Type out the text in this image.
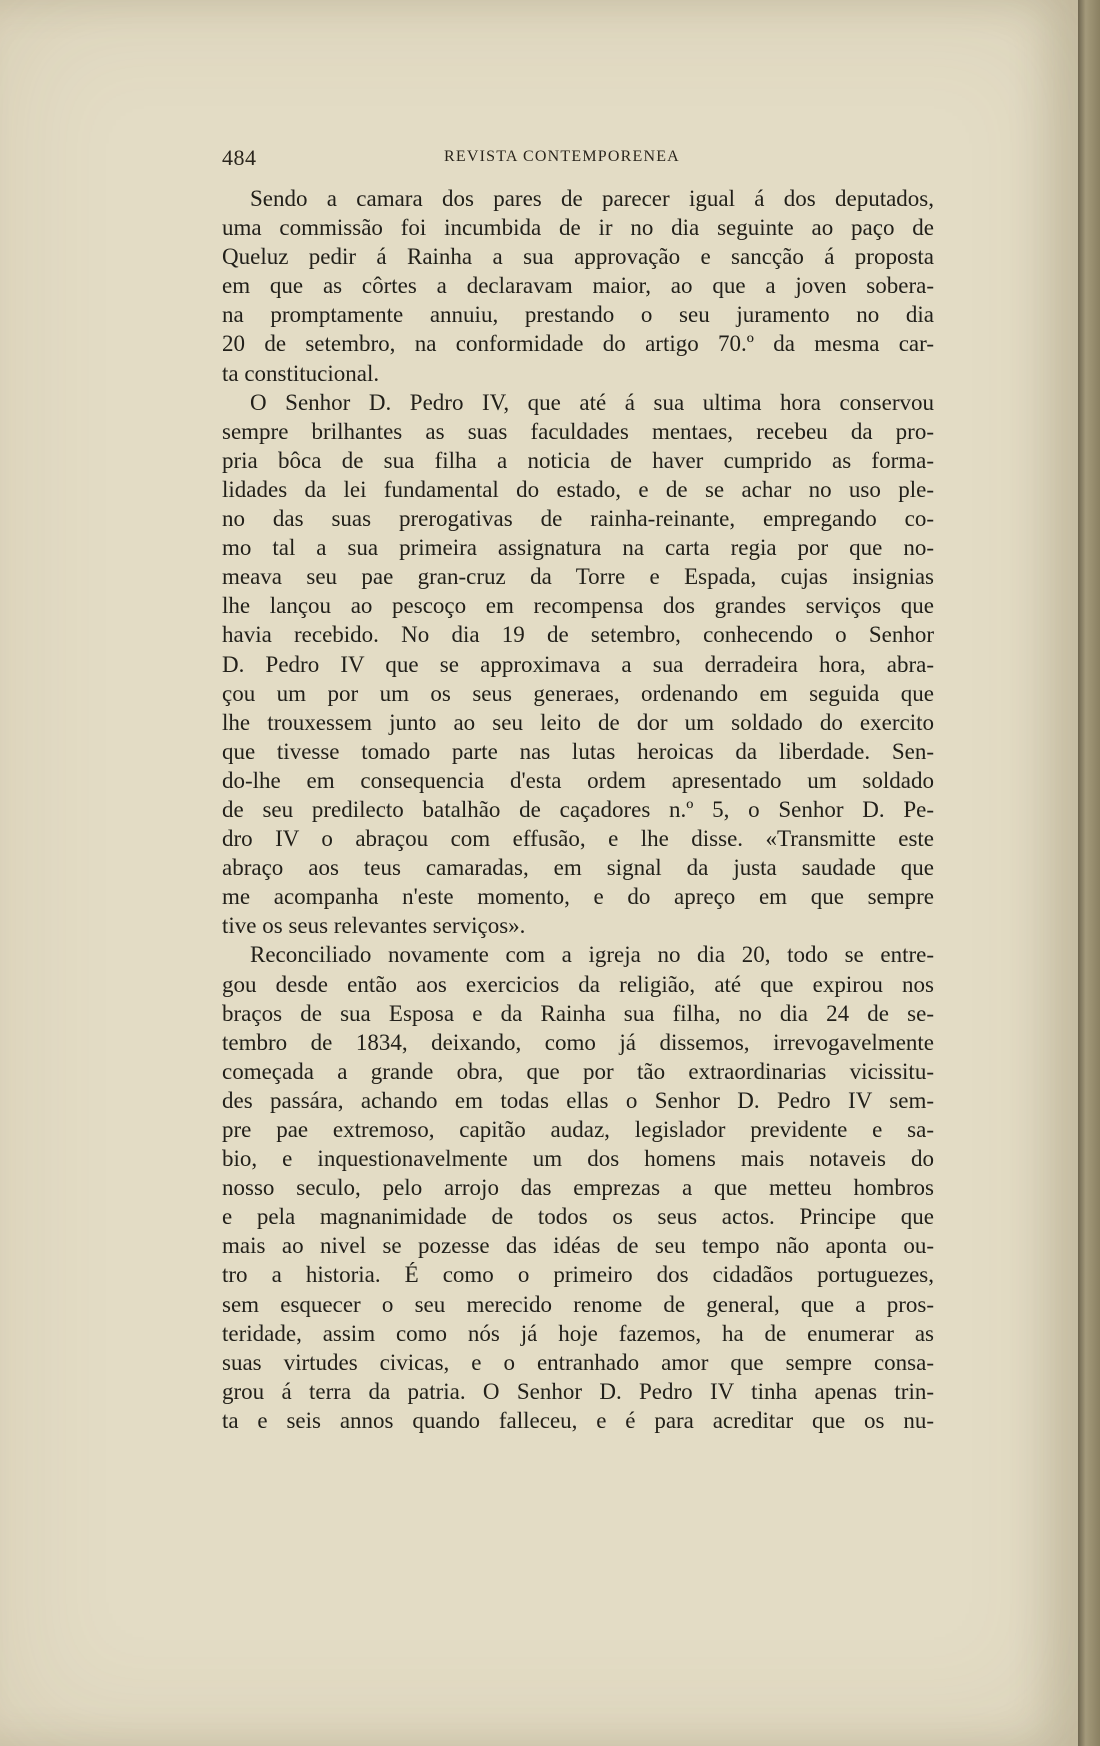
484	REVISTA CONTEMPORENEA
Sendo a camara dos pares de parecer igual á dos deputados,
uma commissão foi incumbida de ir no dia seguinte ao paço de
Queluz pedir á Rainha a sua approvação e sancção á proposta
em que as côrtes a declaravam maior, ao que a joven sobera-
na promptamente annuiu, prestando o seu juramento no dia
20 de setembro, na conformidade do artigo 70.º da mesma car-
ta constitucional.
O Senhor D. Pedro IV, que até á sua ultima hora conservou
sempre brilhantes as suas faculdades mentaes, recebeu da pro-
pria bôca de sua filha a noticia de haver cumprido as forma-
lidades da lei fundamental do estado, e de se achar no uso ple-
no das suas prerogativas de rainha-reinante, empregando co-
mo tal a sua primeira assignatura na carta regia por que no-
meava seu pae gran-cruz da Torre e Espada, cujas insignias
lhe lançou ao pescoço em recompensa dos grandes serviços que
havia recebido. No dia 19 de setembro, conhecendo o Senhor
D. Pedro IV que se approximava a sua derradeira hora, abra-
çou um por um os seus generaes, ordenando em seguida que
lhe trouxessem junto ao seu leito de dor um soldado do exercito
que tivesse tomado parte nas lutas heroicas da liberdade. Sen-
do-lhe em consequencia d'esta ordem apresentado um soldado
de seu predilecto batalhão de caçadores n.º 5, o Senhor D. Pe-
dro IV o abraçou com effusão, e lhe disse. «Transmitte este
abraço aos teus camaradas, em signal da justa saudade que
me acompanha n'este momento, e do apreço em que sempre
tive os seus relevantes serviços».
Reconciliado novamente com a igreja no dia 20, todo se entre-
gou desde então aos exercicios da religião, até que expirou nos
braços de sua Esposa e da Rainha sua filha, no dia 24 de se-
tembro de 1834, deixando, como já dissemos, irrevogavelmente
começada a grande obra, que por tão extraordinarias vicissitu-
des passára, achando em todas ellas o Senhor D. Pedro IV sem-
pre pae extremoso, capitão audaz, legislador previdente e sa-
bio, e inquestionavelmente um dos homens mais notaveis do
nosso seculo, pelo arrojo das emprezas a que metteu hombros
e pela magnanimidade de todos os seus actos. Principe que
mais ao nivel se pozesse das idéas de seu tempo não aponta ou-
tro a historia. É como o primeiro dos cidadãos portuguezes,
sem esquecer o seu merecido renome de general, que a pros-
teridade, assim como nós já hoje fazemos, ha de enumerar as
suas virtudes civicas, e o entranhado amor que sempre consa-
grou á terra da patria. O Senhor D. Pedro IV tinha apenas trin-
ta e seis annos quando falleceu, e é para acreditar que os nu-
